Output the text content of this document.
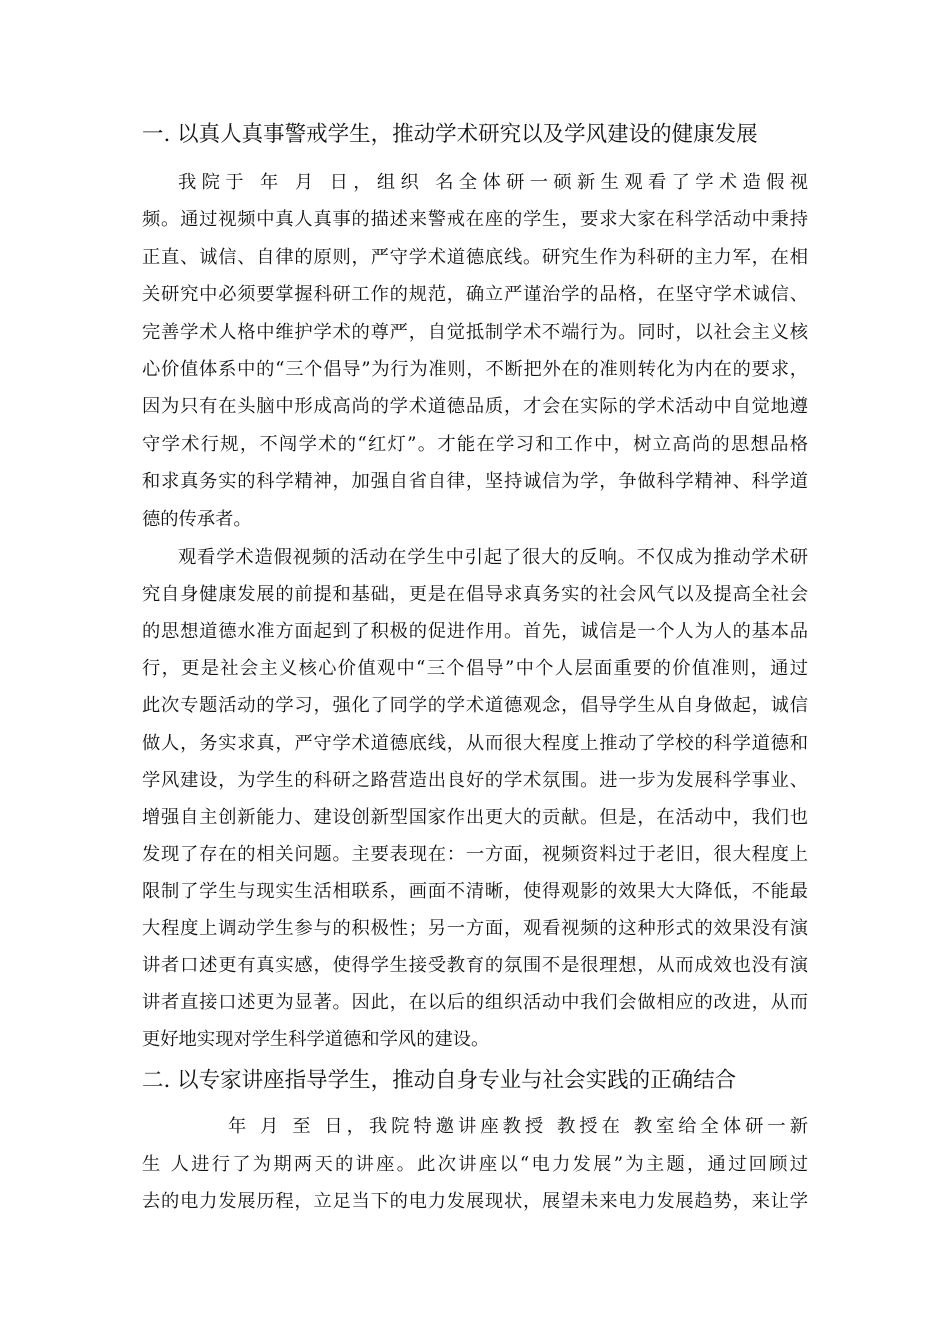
一. 以真人真事警戒学生，推动学术研究以及学风建设的健康发展
我院于 年 月 日，组织 名全体研一硕新生观看了学术造假视
频。通过视频中真人真事的描述来警戒在座的学生，要求大家在科学活动中秉持
正直、诚信、自律的原则，严守学术道德底线。研究生作为科研的主力军，在相
关研究中必须要掌握科研工作的规范，确立严谨治学的品格，在坚守学术诚信、
完善学术人格中维护学术的尊严，自觉抵制学术不端行为。同时，以社会主义核
心价值体系中的“三个倡导”为行为准则，不断把外在的准则转化为内在的要求，
因为只有在头脑中形成高尚的学术道德品质，才会在实际的学术活动中自觉地遵
守学术行规，不闯学术的“红灯”。才能在学习和工作中，树立高尚的思想品格
和求真务实的科学精神，加强自省自律，坚持诚信为学，争做科学精神、科学道
德的传承者。
观看学术造假视频的活动在学生中引起了很大的反响。不仅成为推动学术研
究自身健康发展的前提和基础，更是在倡导求真务实的社会风气以及提高全社会
的思想道德水准方面起到了积极的促进作用。首先，诚信是一个人为人的基本品
行，更是社会主义核心价值观中“三个倡导”中个人层面重要的价值准则，通过
此次专题活动的学习，强化了同学的学术道德观念，倡导学生从自身做起，诚信
做人，务实求真，严守学术道德底线，从而很大程度上推动了学校的科学道德和
学风建设，为学生的科研之路营造出良好的学术氛围。进一步为发展科学事业、
增强自主创新能力、建设创新型国家作出更大的贡献。但是，在活动中，我们也
发现了存在的相关问题。主要表现在：一方面，视频资料过于老旧，很大程度上
限制了学生与现实生活相联系，画面不清晰，使得观影的效果大大降低，不能最
大程度上调动学生参与的积极性；另一方面，观看视频的这种形式的效果没有演
讲者口述更有真实感，使得学生接受教育的氛围不是很理想，从而成效也没有演
讲者直接口述更为显著。因此，在以后的组织活动中我们会做相应的改进，从而
更好地实现对学生科学道德和学风的建设。
二. 以专家讲座指导学生，推动自身专业与社会实践的正确结合
年 月 至 日，我院特邀讲座教授 教授在 教室给全体研一新
生 人进行了为期两天的讲座。此次讲座以“电力发展”为主题，通过回顾过
去的电力发展历程，立足当下的电力发展现状，展望未来电力发展趋势，来让学
